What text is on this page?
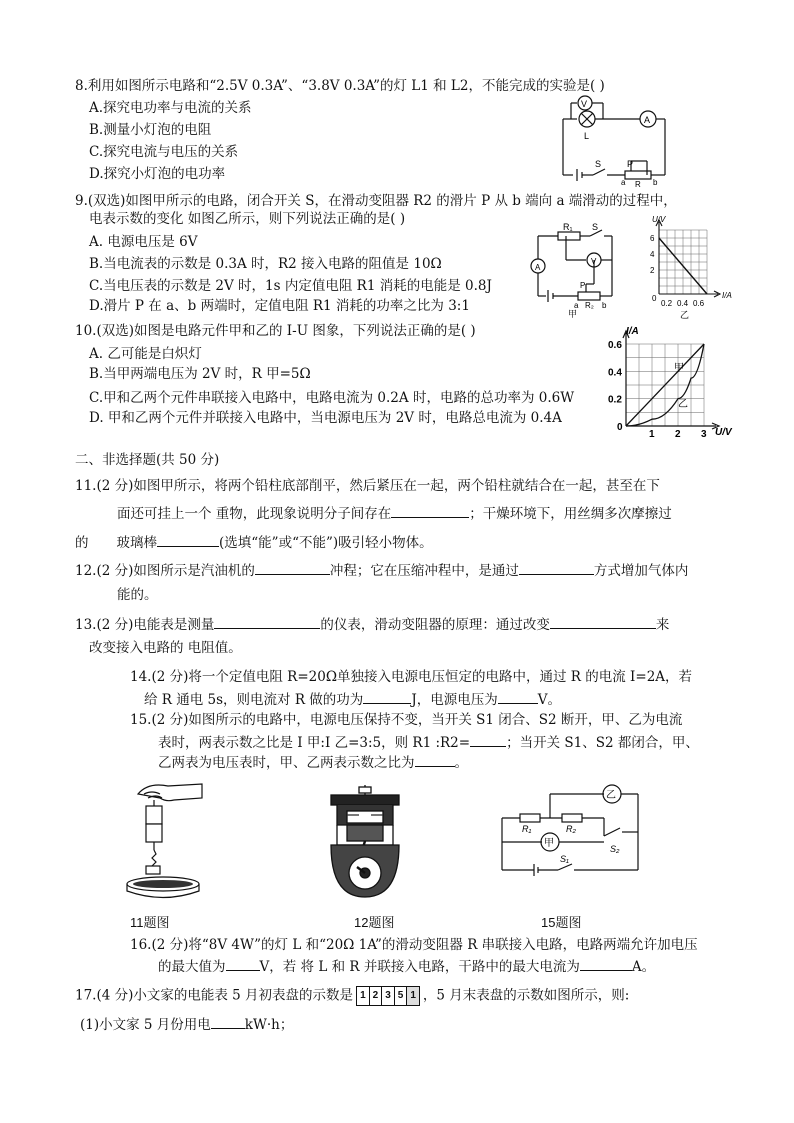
8.利用如图所示电路和“2.5V 0.3A”、“3.8V 0.3A”的灯 L1 和 L2，不能完成的实验是( )
A.探究电功率与电流的关系
B.测量小灯泡的电阻
C.探究电流与电压的关系
D.探究小灯泡的电功率
V
A
L
S	P
R
a	b
9.(双选)如图甲所示的电路，闭合开关 S，在滑动变阻器 R2 的滑片 P 从 b 端向 a 端滑动的过程中，
电表示数的变化 如图乙所示，则下列说法正确的是( )
A. 电源电压是 6V
B.当电流表的示数是 0.3A 时，R2 接入电路的阻值是 10Ω
C.当电压表的示数是 2V 时，1s 内定值电阻 R1 消耗的电能是 0.8J
D.滑片 P 在 a、b 两端时，定值电阻 R1 消耗的功率之比为 3:1
R₁ S
A
V
P
R₂
a	b
甲
U/V
I/A
6
4
2
0
0.2 0.4 0.6
乙
10.(双选)如图是电路元件甲和乙的 I-U 图象，下列说法正确的是( )
A. 乙可能是白炽灯
B.当甲两端电压为 2V 时，R 甲=5Ω
C.甲和乙两个元件串联接入电路中，电路电流为 0.2A 时，电路的总功率为 0.6W
D. 甲和乙两个元件并联接入电路中，当电源电压为 2V 时，电路总电流为 0.4A
1 2 3
0.6
0.4
0.2
0
I/A
U/V
甲
乙
二、非选择题(共 50 分)
11.(2 分)如图甲所示，将两个铅柱底部削平，然后紧压在一起，两个铅柱就结合在一起，甚至在下
面还可挂上一个 重物，此现象说明分子间存在	；干燥环境下，用丝绸多次摩擦过
的 玻璃棒	(选填“能”或“不能”)吸引轻小物体。
12.(2 分)如图所示是汽油机的	冲程；它在压缩冲程中，是通过	方式增加气体内
能的。
13.(2 分)电能表是测量	的仪表，滑动变阻器的原理：通过改变	来
改变接入电路的 电阻值。
14.(2 分)将一个定值电阻 R=20Ω单独接入电源电压恒定的电路中，通过 R 的电流 I=2A，若
给 R 通电 5s，则电流对 R 做的功为	J，电源电压为	V。
15.(2 分)如图所示的电路中，电源电压保持不变，当开关 S1 闭合、S2 断开，甲、乙为电流
表时，两表示数之比是 I 甲:I 乙=3:5，则 R1 :R2=	；当开关 S1、S2 都闭合，甲、
乙两表为电压表时，甲、乙两表示数之比为	。
11题图	12题图
乙
甲
R₁	R₂
S₂
S₁
15题图
16.(2 分)将“8V 4W”的灯 L 和“20Ω 1A”的滑动变阻器 R 串联接入电路，电路两端允许加电压
的最大值为	V，若 将 L 和 R 并联接入电路，干路中的最大电流为	A。
17.(4 分)小文家的电能表 5 月初表盘的示数是 1 2 3 5 1 ，5 月末表盘的示数如图所示，则:
(1)小文家 5 月份用电	kW·h；
